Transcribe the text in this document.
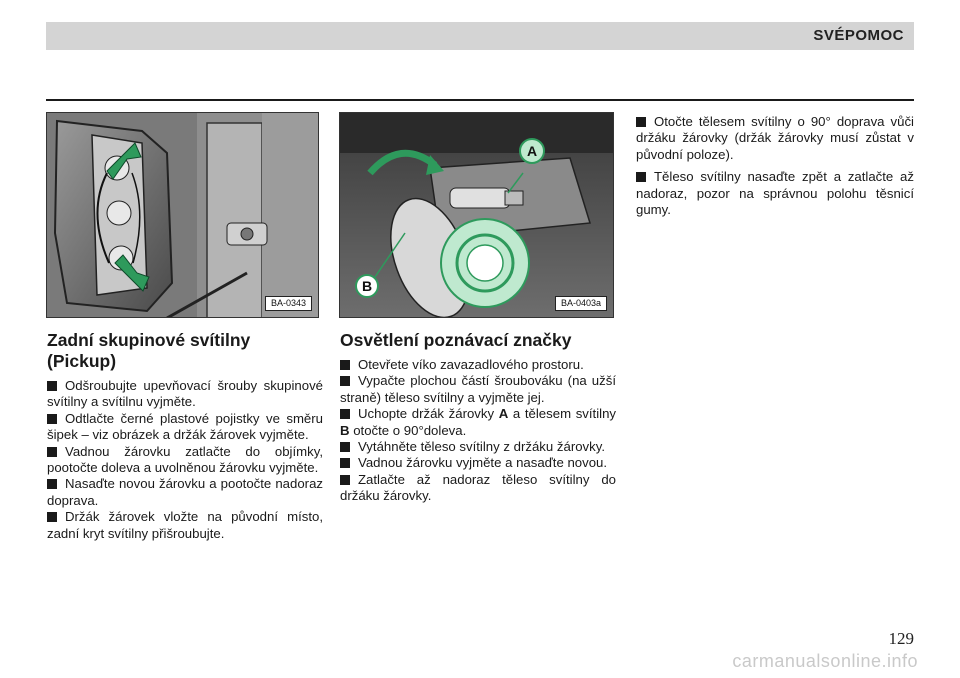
SVÉPOMOC
BA-0343
A
B
BA-0403a
Zadní skupinové svítilny
(Pickup)

Odšroubujte upevňovací šrouby skupinové svítilny a svítilnu vyjměte.

Odtlačte černé plastové pojistky ve směru šipek – viz obrázek a držák žárovek vyjměte.

Vadnou žárovku zatlačte do objímky, pootočte doleva a uvolněnou žárovku vyjměte.

Nasaďte novou žárovku a pootočte nadoraz doprava.

Držák žárovek vložte na původní místo, zadní kryt svítilny přišroubujte.

Osvětlení poznávací značky

Otevřete víko zavazadlového prostoru.

Vypačte plochou částí šroubováku (na užší straně) těleso svítilny a vyjměte jej.

Uchopte držák žárovky A a tělesem svítilny B otočte o 90°doleva.

Vytáhněte těleso svítilny z držáku žárovky.

Vadnou žárovku vyjměte a nasaďte novou.

Zatlačte až nadoraz těleso svítilny do držáku žárovky.

Otočte tělesem svítilny o 90° doprava vůči držáku žárovky (držák žárovky musí zůstat v původní poloze).

Těleso svítilny nasaďte zpět a zatlačte až nadoraz, pozor na správnou polohu těsnicí gumy.

129
carmanualsonline.info
